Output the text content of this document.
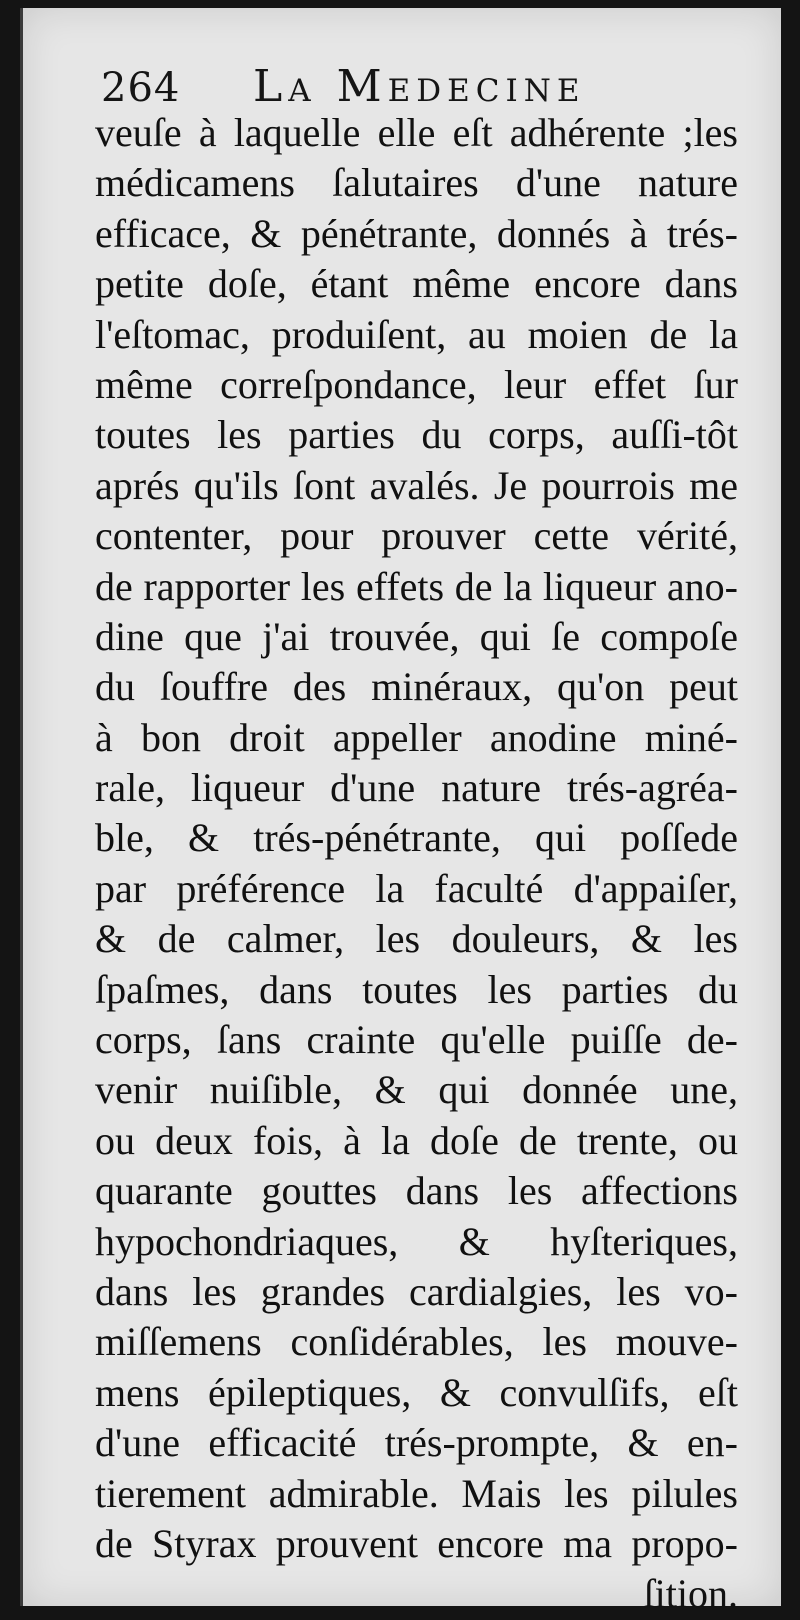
264 La Medecine
veuſe à laquelle elle eſt adhérente ;les
médicamens ſalutaires d'une nature
efficace, & pénétrante, donnés à trés-
petite doſe, étant même encore dans
l'eſtomac, produiſent, au moien de la
même correſpondance, leur effet ſur
toutes les parties du corps, auſſi-tôt
aprés qu'ils ſont avalés. Je pourrois me
contenter, pour prouver cette vérité,
de rapporter les effets de la liqueur ano-
dine que j'ai trouvée, qui ſe compoſe
du ſouffre des minéraux, qu'on peut
à bon droit appeller anodine miné-
rale, liqueur d'une nature trés-agréa-
ble, & trés-pénétrante, qui poſſede
par préférence la faculté d'appaiſer,
& de calmer, les douleurs, & les
ſpaſmes, dans toutes les parties du
corps, ſans crainte qu'elle puiſſe de-
venir nuiſible, & qui donnée une,
ou deux fois, à la doſe de trente, ou
quarante gouttes dans les affections
hypochondriaques, & hyſteriques,
dans les grandes cardialgies, les vo-
miſſemens conſidérables, les mouve-
mens épileptiques, & convulſifs, eſt
d'une efficacité trés-prompte, & en-
tierement admirable. Mais les pilules
de Styrax prouvent encore ma propo-
ſition.
